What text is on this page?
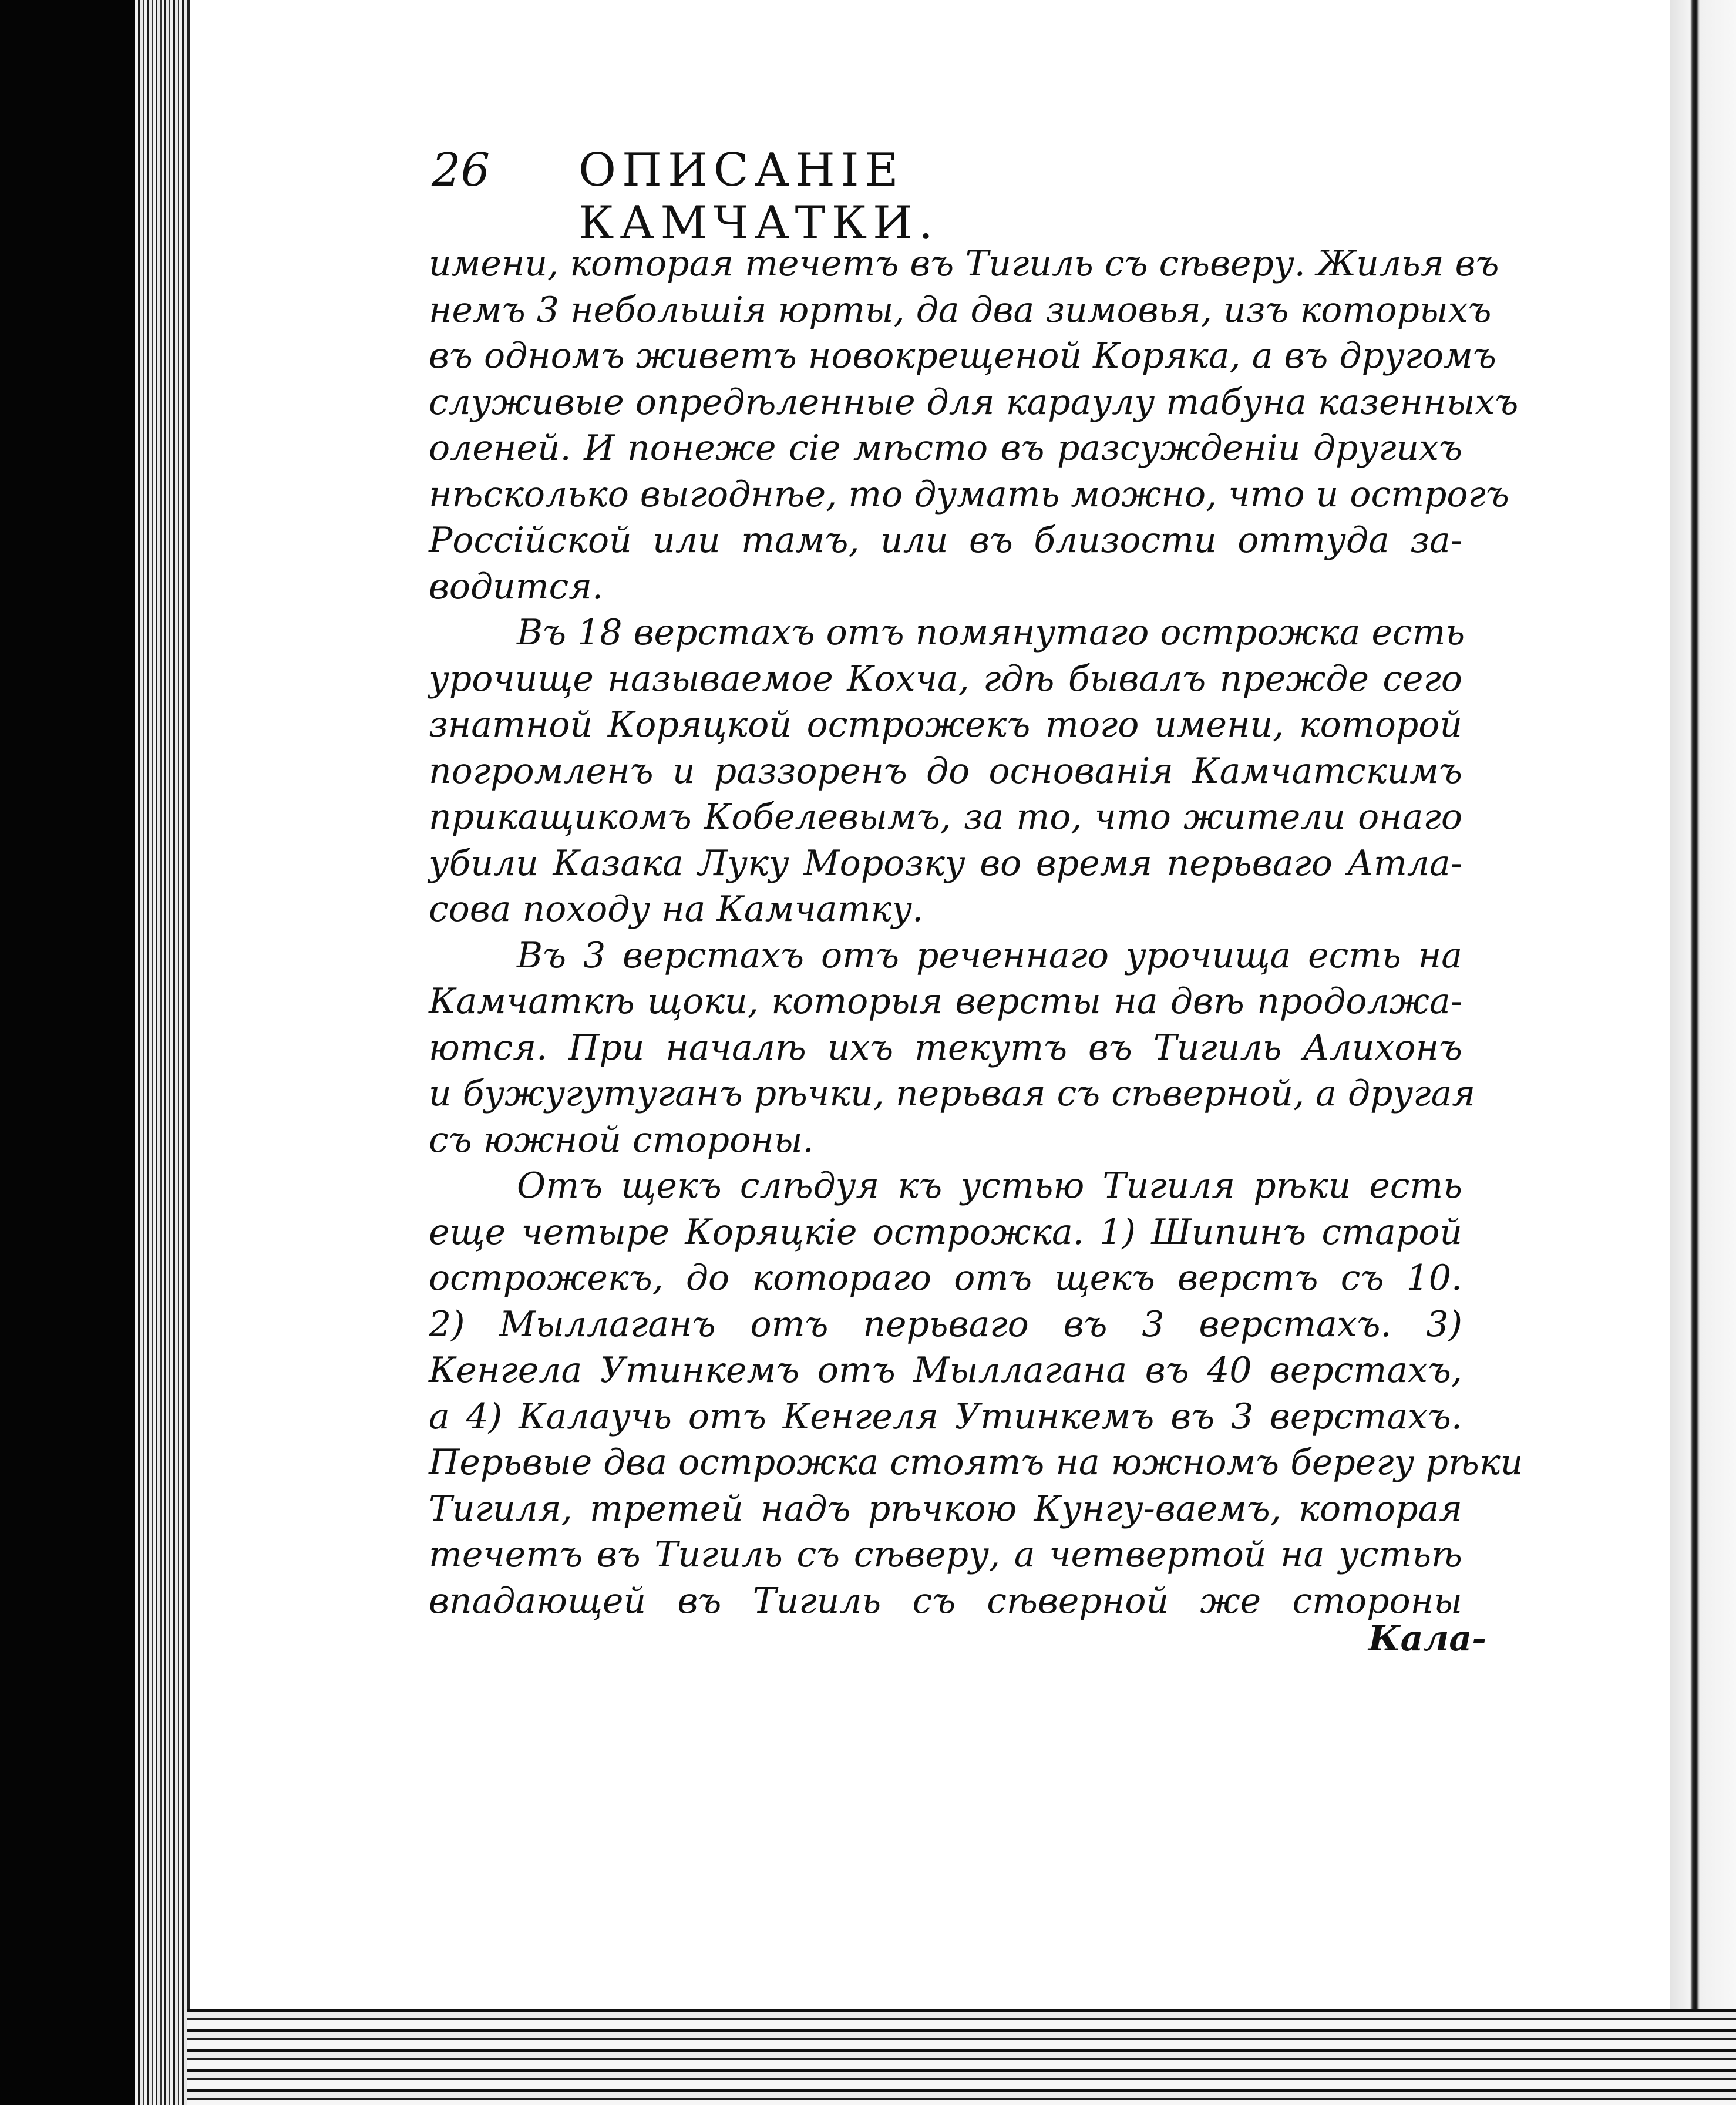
26 ОПИСАНІЕ КАМЧАТКИ.
имени, которая течетъ въ Тигиль съ сѣверу. Жилья въ
немъ 3 небольшія юрты, да два зимовья, изъ которыхъ
въ одномъ живетъ новокрещеной Коряка, а въ другомъ
служивые опредѣленные для караулу табуна казенныхъ
оленей. И понеже сіе мѣсто въ разсужденіи другихъ
нѣсколько выгоднѣе, то думать можно, что и острогъ
Россійской или тамъ, или въ близости оттуда за-
водится.
Въ 18 верстахъ отъ помянутаго острожка есть
урочище называемое Кохча, гдѣ бывалъ прежде сего
знатной Коряцкой острожекъ того имени, которой
погромленъ и раззоренъ до основанія Камчатскимъ
прикащикомъ Кобелевымъ, за то, что жители онаго
убили Казака Луку Морозку во время перьваго Атла-
сова походу на Камчатку.
Въ 3 верстахъ отъ реченнаго урочища есть на
Камчаткѣ щоки, которыя версты на двѣ продолжа-
ются. При началѣ ихъ текутъ въ Тигиль Алихонъ
и бужугутуганъ рѣчки, перьвая съ сѣверной, а другая
съ южной стороны.
Отъ щекъ слѣдуя къ устью Тигиля рѣки есть
еще четыре Коряцкіе острожка. 1) Шипинъ старой
острожекъ, до котораго отъ щекъ верстъ съ 10.
2) Мыллаганъ отъ перьваго въ 3 верстахъ. 3)
Кенгела Утинкемъ отъ Мыллагана въ 40 верстахъ,
а 4) Калаучь отъ Кенгеля Утинкемъ въ 3 верстахъ.
Перьвые два острожка стоятъ на южномъ берегу рѣки
Тигиля, третей надъ рѣчкою Кунгу-ваемъ, которая
течетъ въ Тигиль съ сѣверу, а четвертой на устьѣ
впадающей въ Тигиль съ сѣверной же стороны
Кала-
